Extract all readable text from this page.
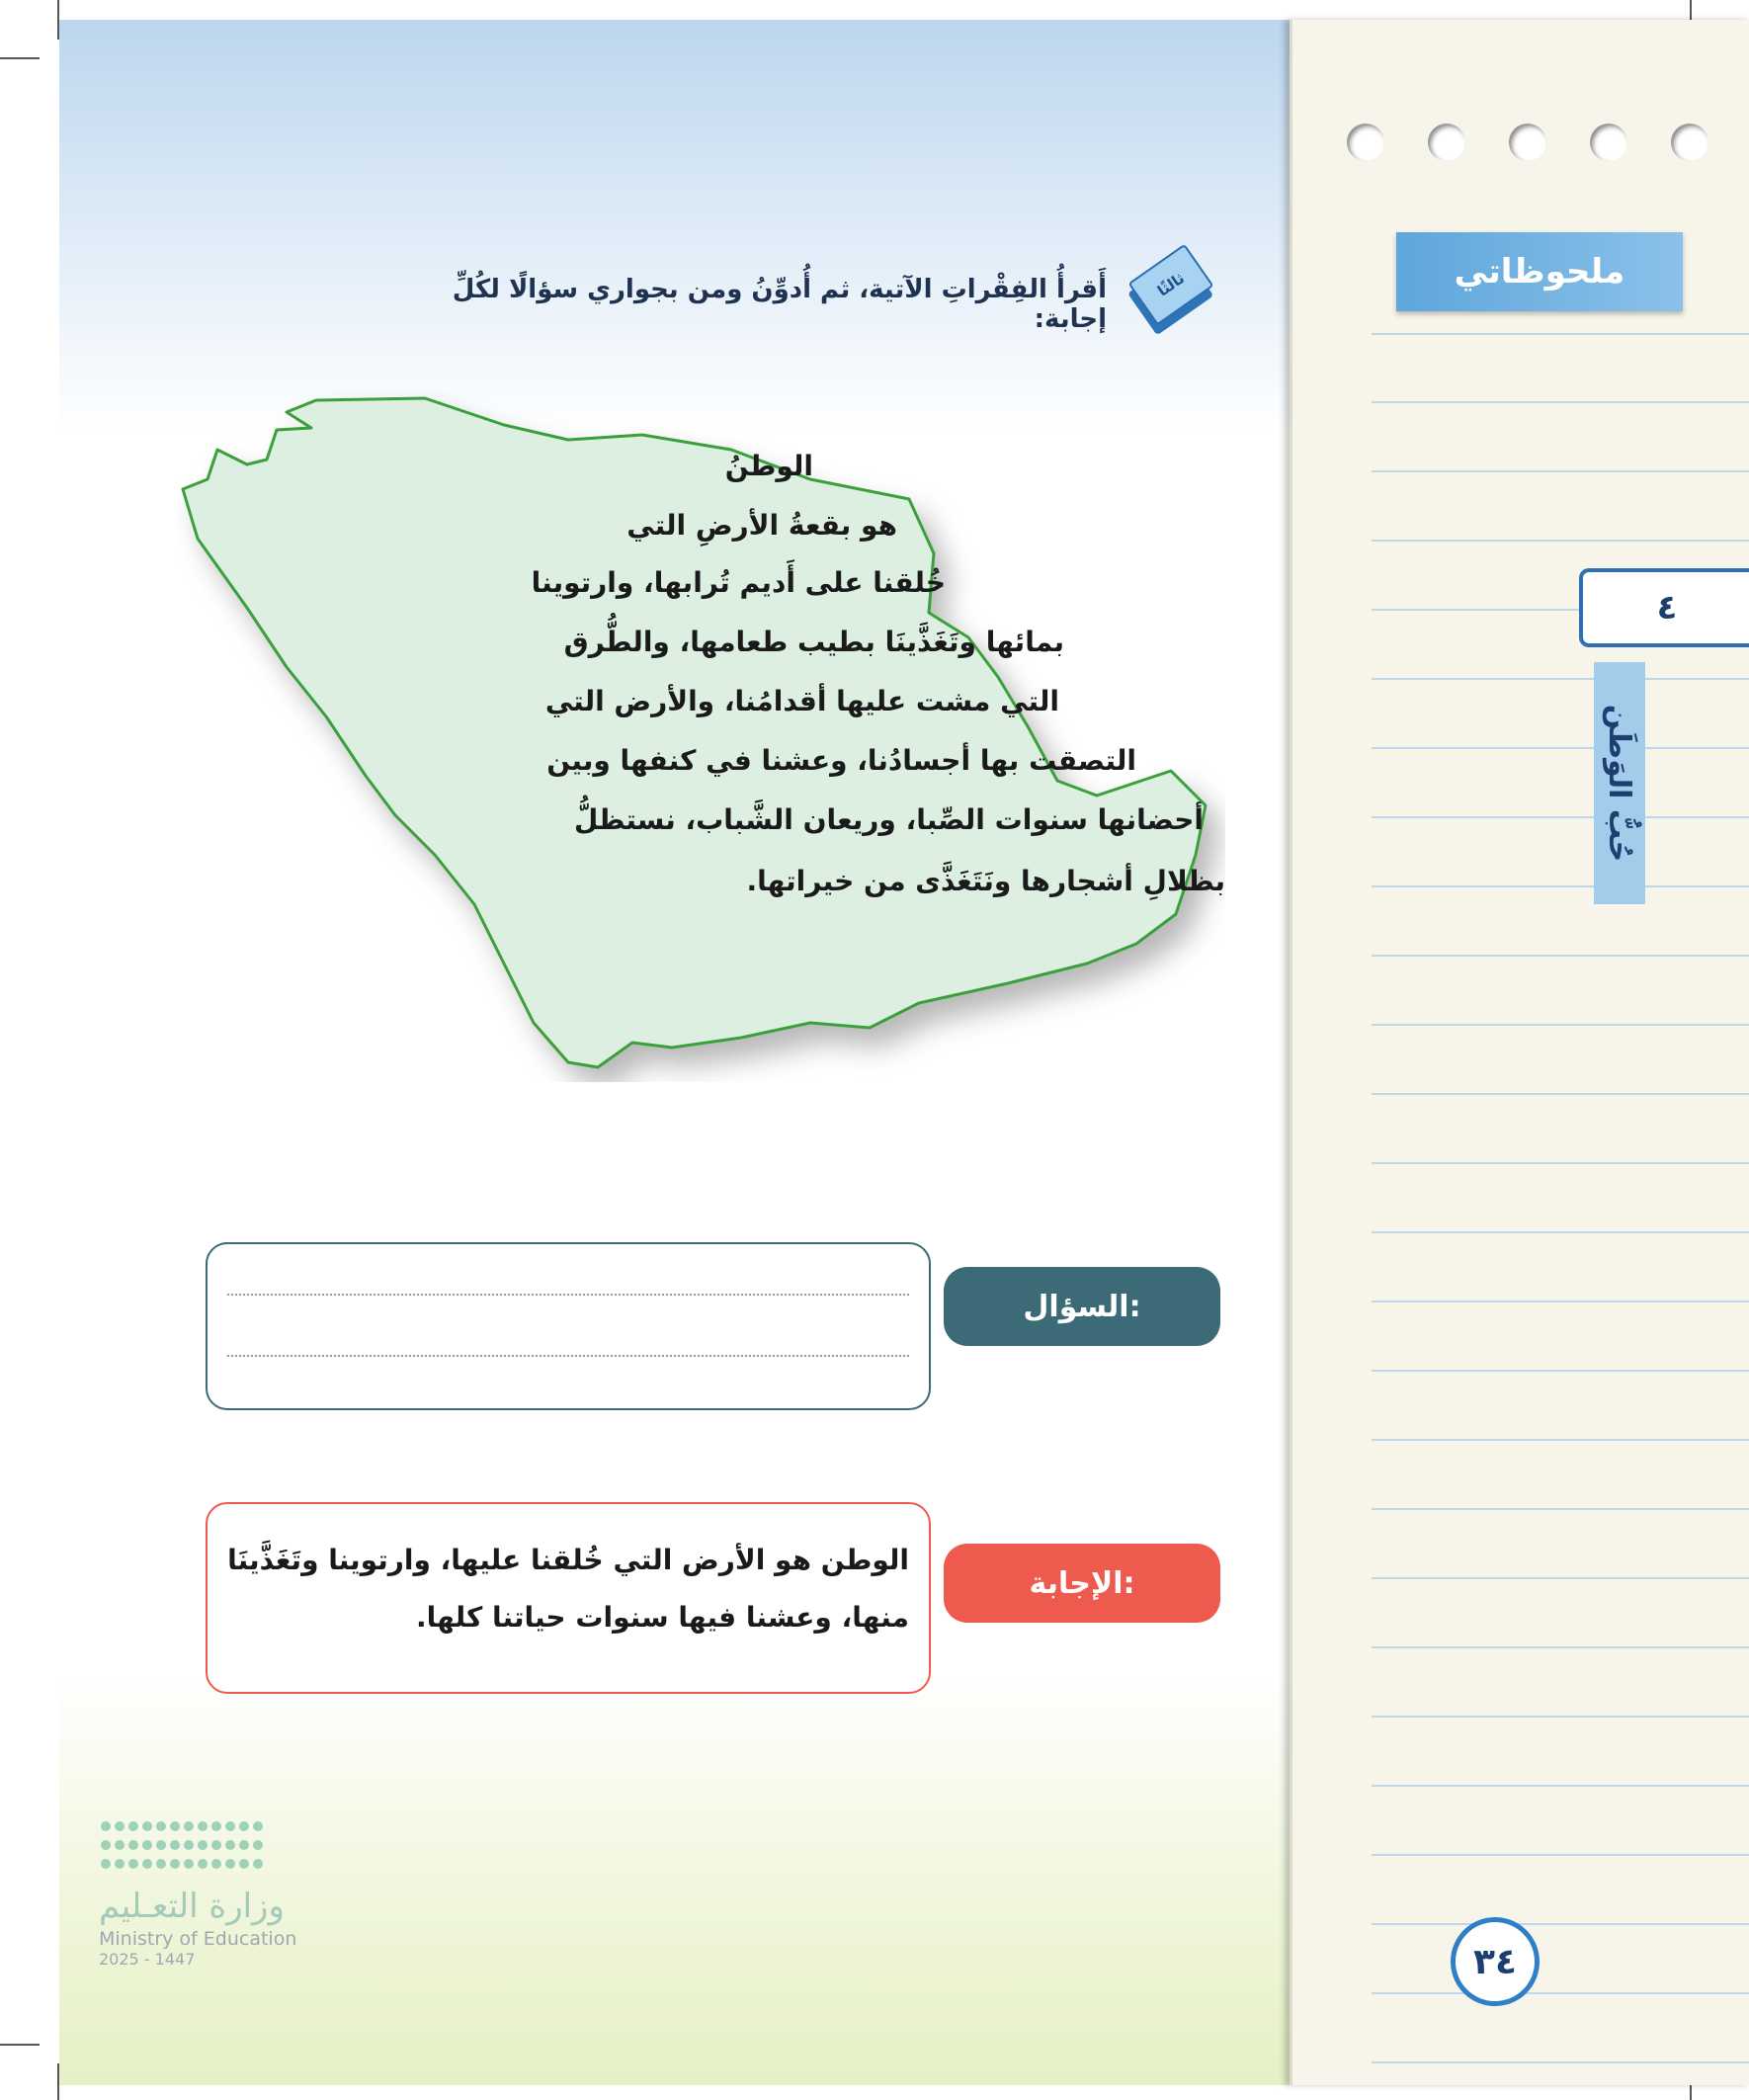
ملحوظاتي
٤
حُبُّ الوَطَن
٣٤
ثالثًا
أَقرأُ الفِقْراتِ الآتية، ثم أُدوِّنُ ومن بجواري سؤالًا لكُلِّ إجابة:
الوطنُ
هو بقعةُ الأرضِ التي
خُلقنا على أَديم تُرابها، وارتوينا
بمائها وتَغَذَّينَا بطيب طعامها، والطُّرق
التي مشت عليها أقدامُنا، والأرض التي
التصقت بها أجسادُنا، وعشنا في كنفها وبين
أحضانها سنوات الصِّبا، وريعان الشَّباب، نستظلُّ
بظلالِ أشجارها ونَتَغَذَّى من خيراتها.
السؤال:
الإجابة:
الوطن هو الأرض التي خُلقنا عليها، وارتوينا وتَغَذَّينَا منها، وعشنا فيها سنوات حياتنا كلها.

وزارة التعـليم
Ministry of Education
2025 - 1447
